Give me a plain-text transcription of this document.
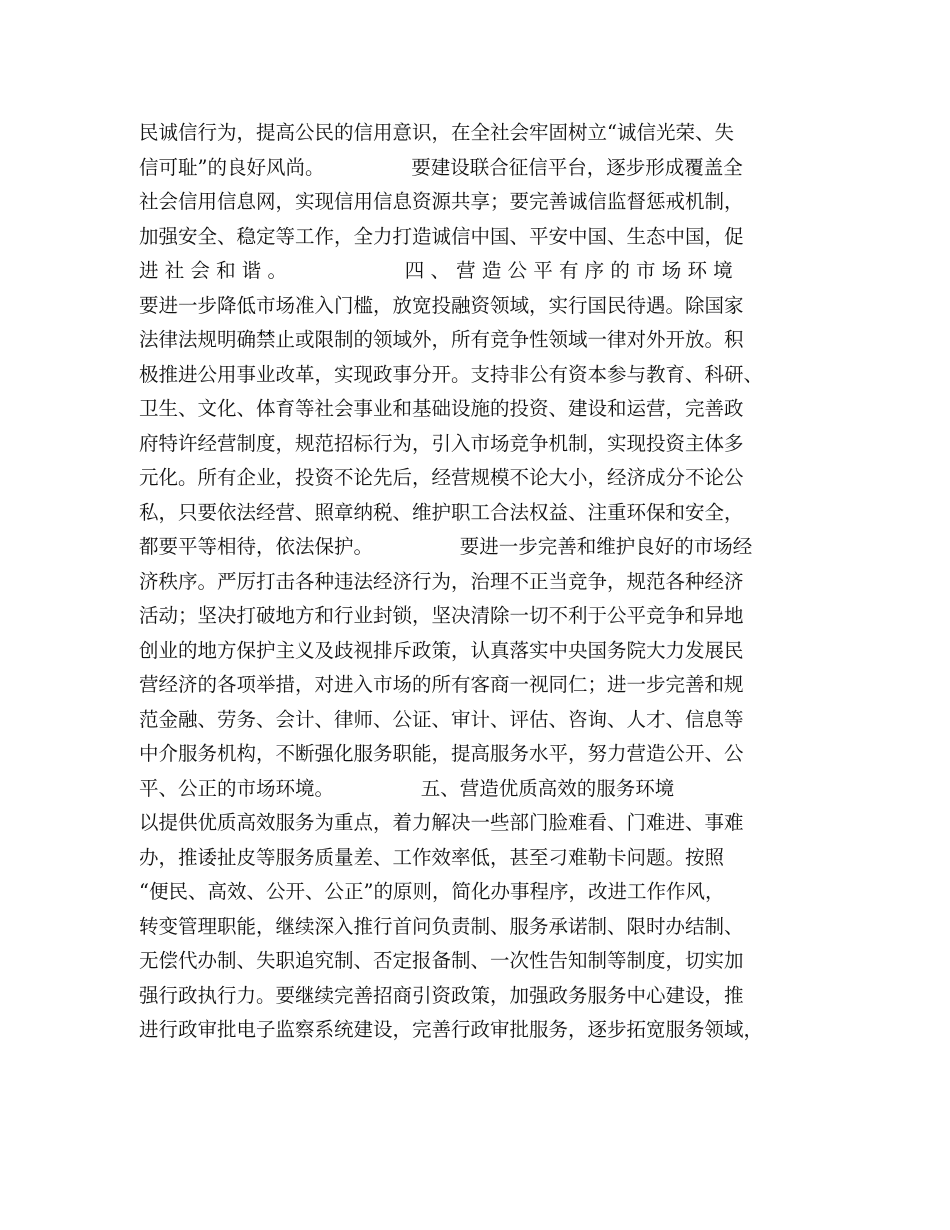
民诚信行为，提高公民的信用意识，在全社会牢固树立“诚信光荣、失
信可耻”的良好风尚。              要建设联合征信平台，逐步形成覆盖全
社会信用信息网，实现信用信息资源共享；要完善诚信监督惩戒机制，
加强安全、稳定等工作，全力打造诚信中国、平安中国、生态中国，促
进 社 会 和 谐 。                   四 、 营 造 公 平 有 序 的 市 场 环 境
要进一步降低市场准入门槛，放宽投融资领域，实行国民待遇。除国家
法律法规明确禁止或限制的领域外，所有竞争性领域一律对外开放。积
极推进公用事业改革，实现政事分开。支持非公有资本参与教育、科研、
卫生、文化、体育等社会事业和基础设施的投资、建设和运营，完善政
府特许经营制度，规范招标行为，引入市场竞争机制，实现投资主体多
元化。所有企业，投资不论先后，经营规模不论大小，经济成分不论公
私，只要依法经营、照章纳税、维护职工合法权益、注重环保和安全，
都要平等相待，依法保护。              要进一步完善和维护良好的市场经
济秩序。严厉打击各种违法经济行为，治理不正当竞争，规范各种经济
活动；坚决打破地方和行业封锁，坚决清除一切不利于公平竞争和异地
创业的地方保护主义及歧视排斥政策，认真落实中央国务院大力发展民
营经济的各项举措，对进入市场的所有客商一视同仁；进一步完善和规
范金融、劳务、会计、律师、公证、审计、评估、咨询、人才、信息等
中介服务机构，不断强化服务职能，提高服务水平，努力营造公开、公
平、公正的市场环境。              五、营造优质高效的服务环境
以提供优质高效服务为重点，着力解决一些部门脸难看、门难进、事难
办，推诿扯皮等服务质量差、工作效率低，甚至刁难勒卡问题。按照
“便民、高效、公开、公正”的原则，简化办事程序，改进工作作风，
转变管理职能，继续深入推行首问负责制、服务承诺制、限时办结制、
无偿代办制、失职追究制、否定报备制、一次性告知制等制度，切实加
强行政执行力。要继续完善招商引资政策，加强政务服务中心建设，推
进行政审批电子监察系统建设，完善行政审批服务，逐步拓宽服务领域，
